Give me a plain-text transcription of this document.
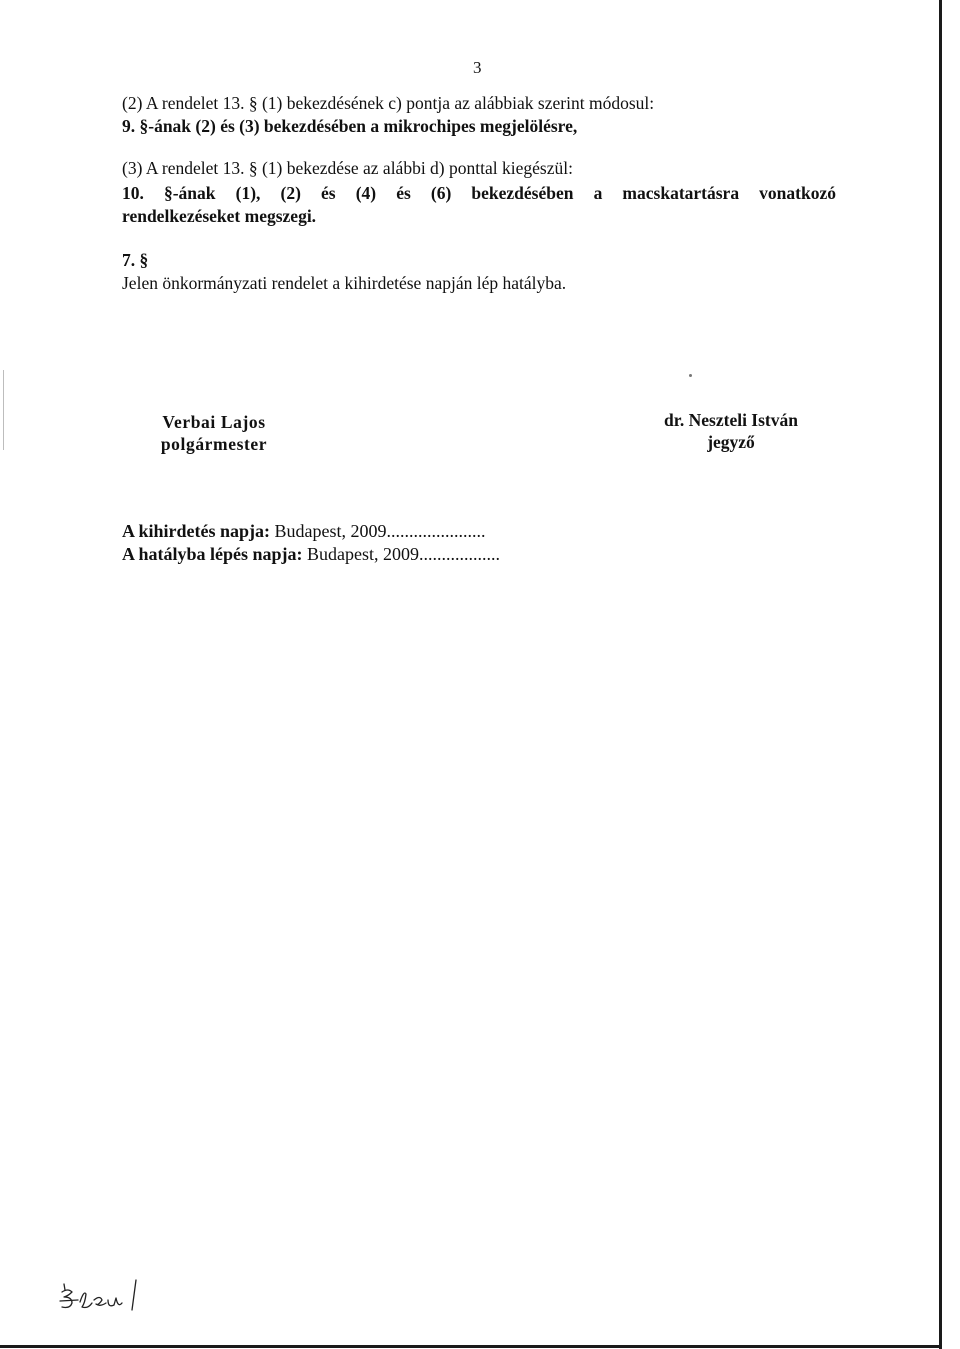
3
(2) A rendelet 13. § (1) bekezdésének c) pontja az alábbiak szerint módosul:
9. §-ának (2) és (3) bekezdésében a mikrochipes megjelölésre,
(3) A rendelet 13. § (1) bekezdése az alábbi d) ponttal kiegészül:
10. §-ának (1), (2) és (4) és (6) bekezdésében a macskatartásra vonatkozó
rendelkezéseket megszegi.
7. §
Jelen önkormányzati rendelet a kihirdetése napján lép hatályba.
Verbai Lajos
polgármester
dr. Neszteli István
jegyző
A kihirdetés napja: Budapest, 2009......................
A hatályba lépés napja: Budapest, 2009..................
